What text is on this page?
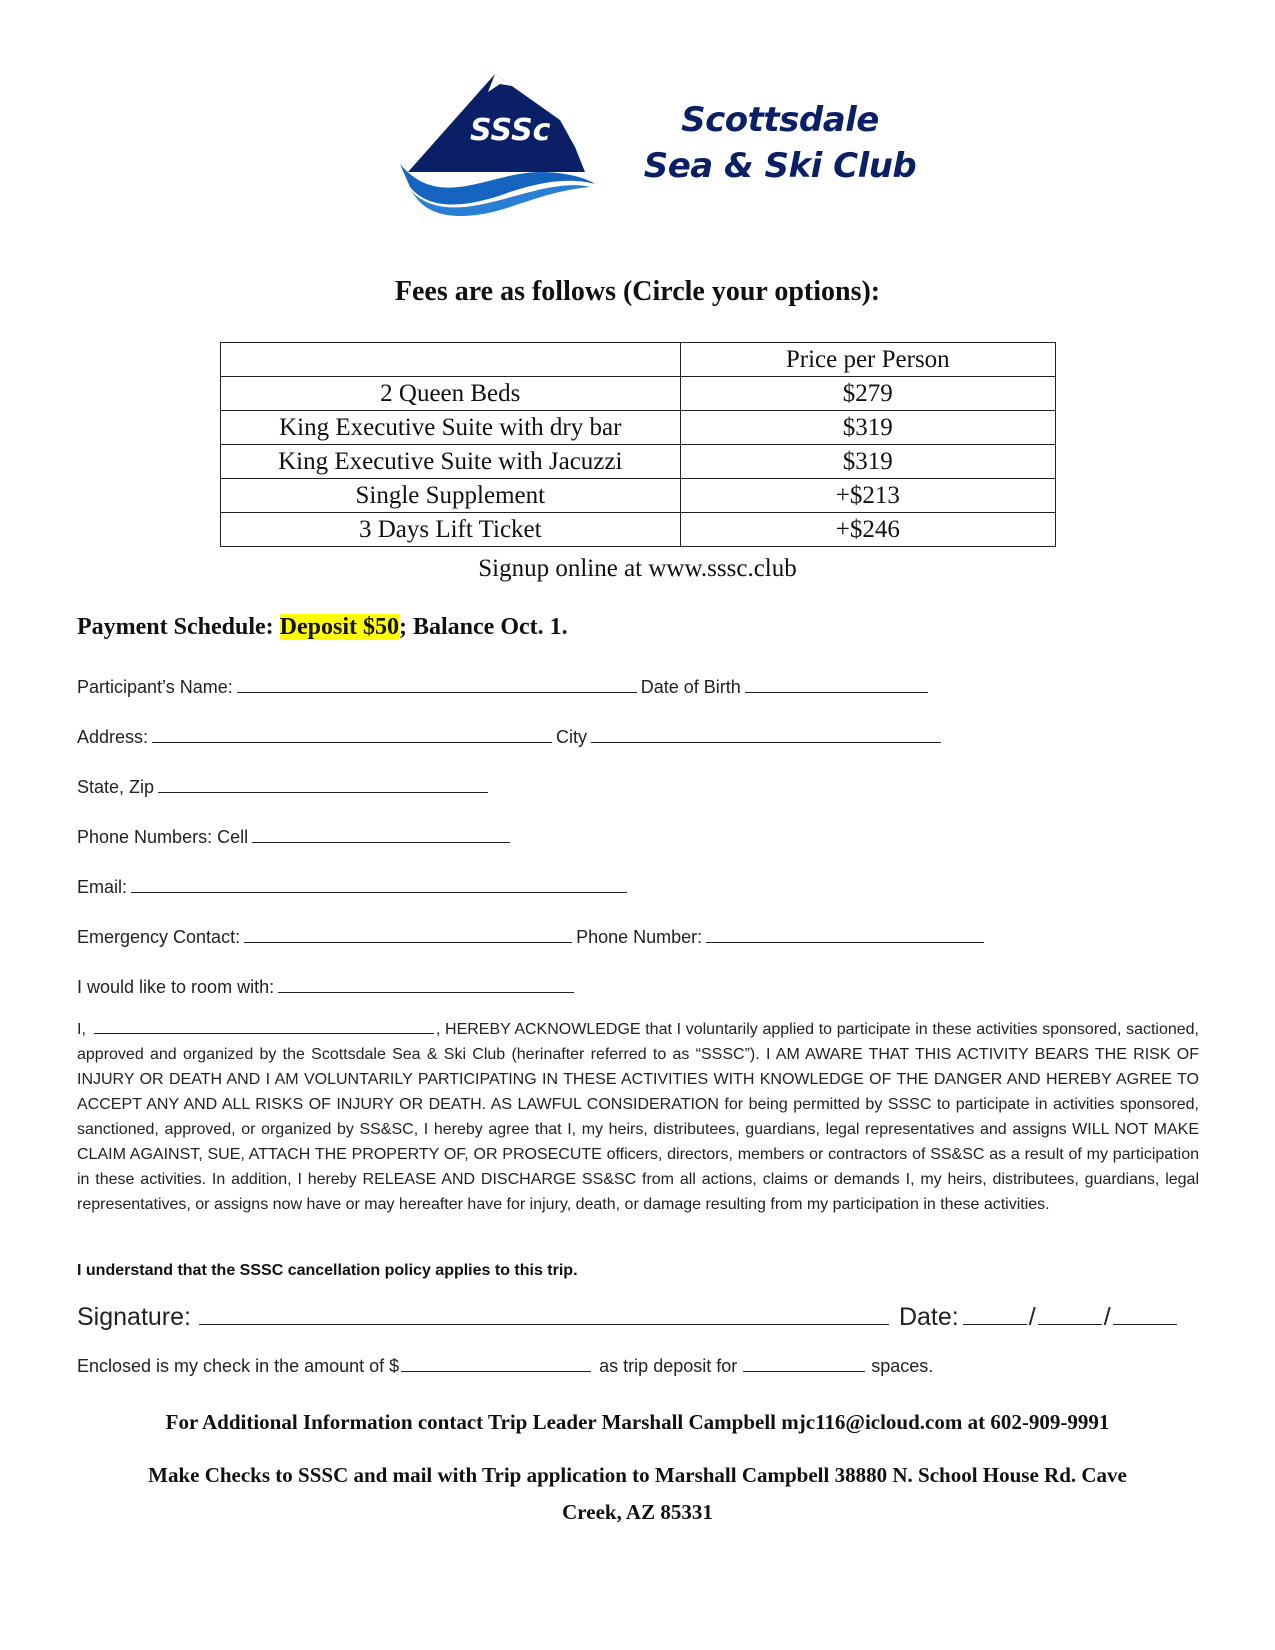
SSSc	Scottsdale
Sea & Ski Club
Fees are as follows (Circle your options):
	Price per Person
2 Queen Beds	$279
King Executive Suite with dry bar	$319
King Executive Suite with Jacuzzi	$319
Single Supplement	+$213
3 Days Lift Ticket	+$246
Signup online at www.sssc.club
Payment Schedule: Deposit $50; Balance Oct. 1.
Participant’s Name:	Date of Birth
Address:	City
State, Zip
Phone Numbers: Cell
Email:
Emergency Contact:	Phone Number:
I would like to room with:
I,	, HEREBY ACKNOWLEDGE that I voluntarily applied to participate in these activities sponsored, sactioned, approved and organized by the Scottsdale Sea & Ski Club (herinafter referred to as “SSSC”). I AM AWARE THAT THIS ACTIVITY BEARS THE RISK OF INJURY OR DEATH AND I AM VOLUNTARILY PARTICIPATING IN THESE ACTIVITIES WITH KNOWLEDGE OF THE DANGER AND HEREBY AGREE TO ACCEPT ANY AND ALL RISKS OF INJURY OR DEATH. AS LAWFUL CONSIDERATION for being permitted by SSSC to participate in activities sponsored, sanctioned, approved, or organized by SS&SC, I hereby agree that I, my heirs, distributees, guardians, legal representatives and assigns WILL NOT MAKE CLAIM AGAINST, SUE, ATTACH THE PROPERTY OF, OR PROSECUTE officers, directors, members or contractors of SS&SC as a result of my participation in these activities. In addition, I hereby RELEASE AND DISCHARGE SS&SC from all actions, claims or demands I, my heirs, distributees, guardians, legal representatives, or assigns now have or may hereafter have for injury, death, or damage resulting from my participation in these activities.
I understand that the SSSC cancellation policy applies to this trip.
Signature:	Date:	/	/
Enclosed is my check in the amount of $	as trip deposit for	spaces.
For Additional Information contact Trip Leader Marshall Campbell mjc116@icloud.com at 602-909-9991
Make Checks to SSSC and mail with Trip application to Marshall Campbell 38880 N. School House Rd. Cave
Creek, AZ 85331
